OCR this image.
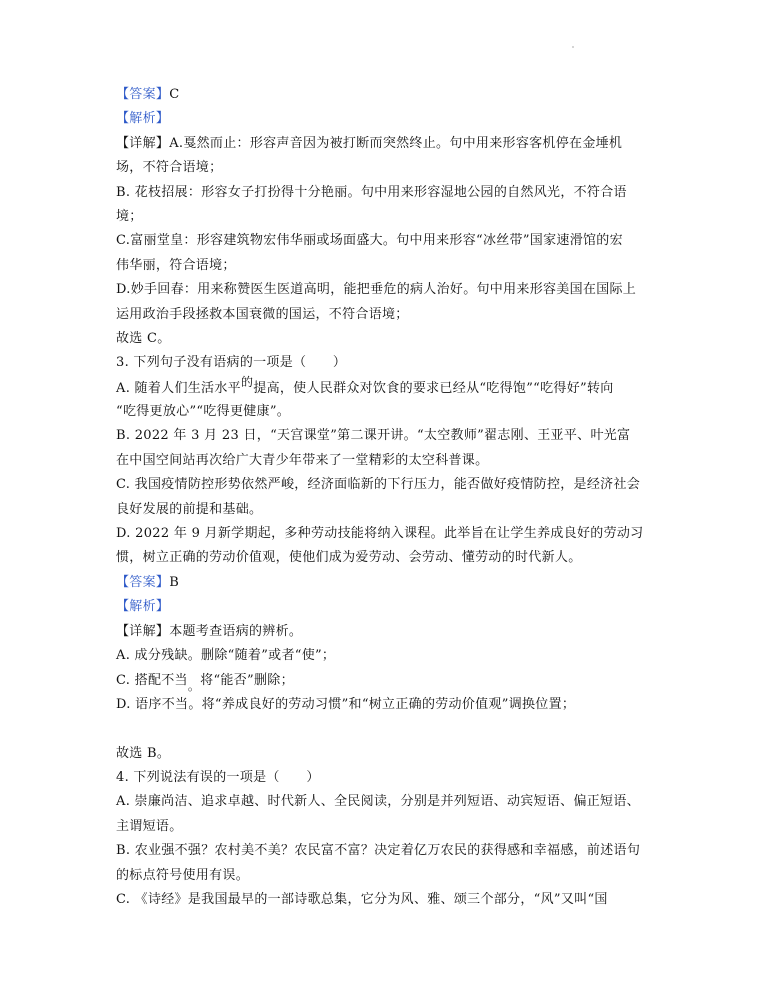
【答案】C
【解析】
【详解】A.戛然而止：形容声音因为被打断而突然终止。句中用来形容客机停在金埵机
场，不符合语境；
B. 花枝招展：形容女子打扮得十分艳丽。句中用来形容湿地公园的自然风光，不符合语
境；
C.富丽堂皇：形容建筑物宏伟华丽或场面盛大。句中用来形容“冰丝带”国家速滑馆的宏
伟华丽，符合语境；
D.妙手回春：用来称赞医生医道高明，能把垂危的病人治好。句中用来形容美国在国际上
运用政治手段拯救本国衰微的国运，不符合语境；
故选 C。
3. 下列句子没有语病的一项是（　　）
A. 随着人们生活水平的提高，使人民群众对饮食的要求已经从“吃得饱”“吃得好”转向
“吃得更放心”“吃得更健康”。
B. 2022 年 3 月 23 日，“天宫课堂”第二课开讲。“太空教师”翟志刚、王亚平、叶光富
在中国空间站再次给广大青少年带来了一堂精彩的太空科普课。
C. 我国疫情防控形势依然严峻，经济面临新的下行压力，能否做好疫情防控，是经济社会
良好发展的前提和基础。
D. 2022 年 9 月新学期起，多种劳动技能将纳入课程。此举旨在让学生养成良好的劳动习
惯，树立正确的劳动价值观，使他们成为爱劳动、会劳动、懂劳动的时代新人。
【答案】B
【解析】
【详解】本题考查语病的辨析。
A. 成分残缺。删除“随着”或者“使”；
C. 搭配不当。将“能否”删除；
D. 语序不当。将“养成良好的劳动习惯”和“树立正确的劳动价值观”调换位置；
故选 B。
4. 下列说法有误的一项是（　　）
A. 崇廉尚洁、追求卓越、时代新人、全民阅读，分别是并列短语、动宾短语、偏正短语、
主谓短语。
B. 农业强不强？农村美不美？农民富不富？决定着亿万农民的获得感和幸福感，前述语句
的标点符号使用有误。
C. 《诗经》是我国最早的一部诗歌总集，它分为风、雅、颂三个部分，“风”又叫“国
